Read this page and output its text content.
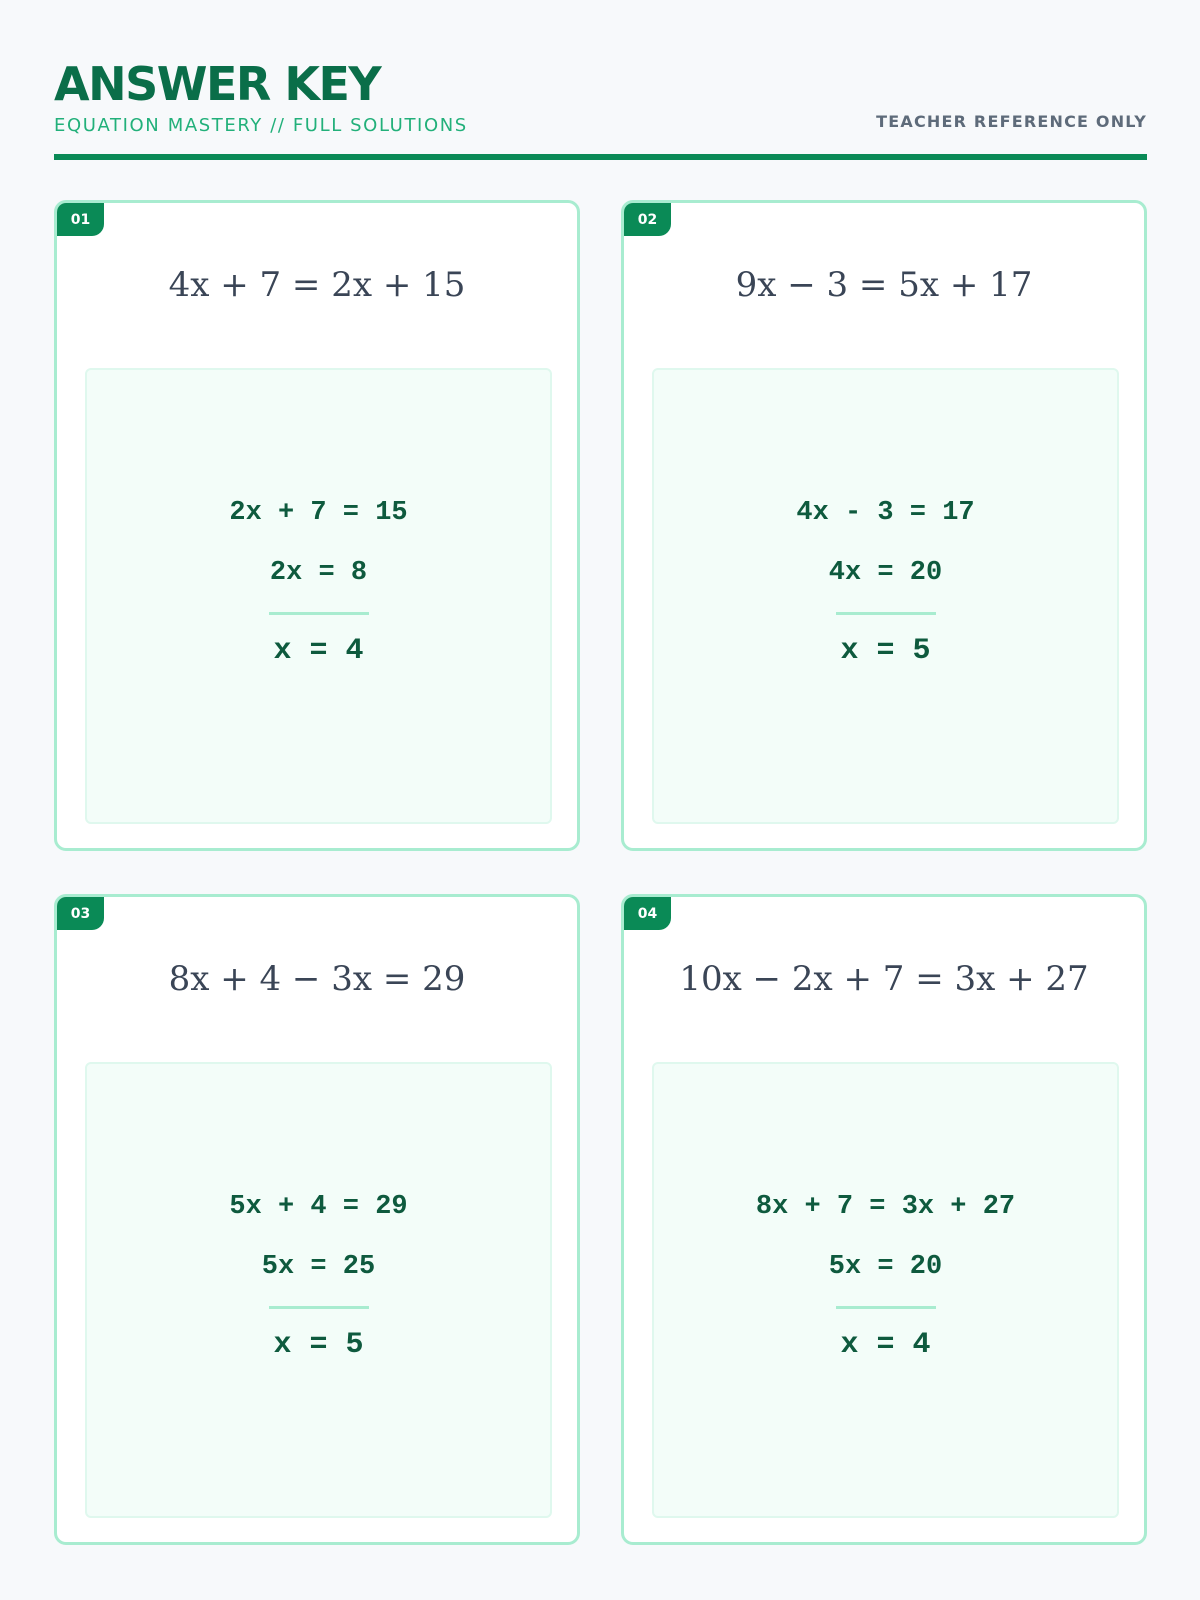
ANSWER KEY
EQUATION MASTERY // FULL SOLUTIONS	TEACHER REFERENCE ONLY
01
4x + 7 = 2x + 15
2x + 7 = 15
2x = 8
x = 4
02
9x − 3 = 5x + 17
4x - 3 = 17
4x = 20
x = 5
03
8x + 4 − 3x = 29
5x + 4 = 29
5x = 25
x = 5
04
10x − 2x + 7 = 3x + 27
8x + 7 = 3x + 27
5x = 20
x = 4
